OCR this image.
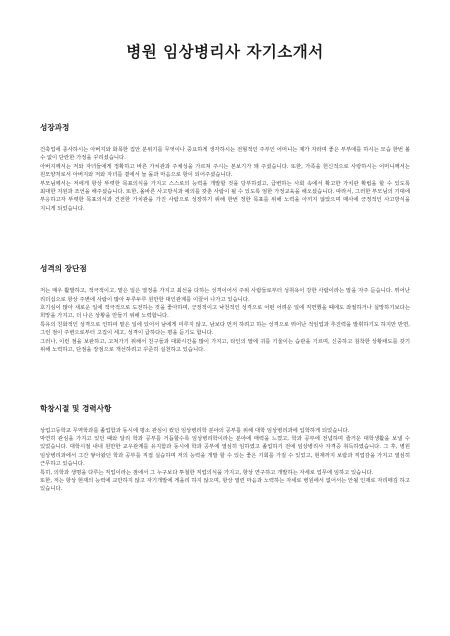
병원 임상병리사 자기소개서
성장과정

건축업에 종사하시는 아버지와 화목한 집안 분위기를 무엇이나 중요하게 생각하시는 전형적인 주부인 어머니는 제가 자라며 좋은 부부애를 하시는 모습 한번 볼 수 없이 단란한 가정을 꾸리셨습니다.

아버지께서는 저와 자녀들에게 정확하고 바른 가치관과 주체성을 가르쳐 주시는 본보기가 돼 주셨습니다. 또한, 가족을 헌신적으로 사랑하시는 어머니께서는 원모양처로서 아버지와 저와 자녀를 곁에서 늘 돌과 마음으로 항이 되어주셨습니다.

부모님께서는 저에게 항상 뚜렷한 목표의식을 가지고 스스로의 능력을 개발할 것을 당부하셨고, 급변하는 사회 속에서 확고한 가치관 확립을 할 수 있도록 최대한 지원과 조언을 해주셨습니다. 또한, 올바른 사고방식과 예의를 갖춘 사람이 될 수 있도록 엄한 가정교육을 해오셨습니다. 따라서, 그러한 부모님의 기대에 부응하고자 뚜렷한 목표의식과 건전한 가치관을 가진 사람으로 성장하기 위해 한번 정한 목표를 위해 노력을 아끼지 않았으며 매사에 긍정적인 사고방식을 지니게 되었습니다.

성격의 장단점

저는 매우 활발하고, 적극적이고, 맡은 일은 열정을 가지고 최선을 다하는 성격이어서 주위 사람들로부터 성취욕이 강한 사람이라는 말을 자주 듣습니다. 뛰어난 리더십으로 항상 주변에 사람이 많아 두루두루 원만한 대인관계를 이끌어 나가고 있습니다.

호기심이 많아 새로운 일에 적극적으로 도전하는 것을 좋아하며, 긍정적이고 낙천적인 성격으로 어떤 어려운 일에 직면했을 때에도 좌절하거나 실망하기보다는 희망을 가지고, 더 나은 상황을 만들기 위해 노력합니다.

특유의 친화적인 성격으로 인하여 맡은 일에 있어서 남에게 미루지 않고, 남보다 먼저 하려고 하는 성격으로 뛰어난 적임업과 추진력을 발휘하기도 하지만 반면, 그런 점이 주변으로부터 고집이 세고, 성격이 급하다는 평을 듣기도 합니다.

그러나, 이런 점을 보완하고, 고쳐가기 위해서 친구들과 대화시간을 많이 가지고, 타인의 말에 귀를 기울이는 습관을 기르며, 신중하고 침착한 상황태도를 갖기 위해 노력하고, 단점을 장점으로 개선하려고 꾸준히 실천하고 있습니다.

학창시절 및 경력사항

상업고등학교 무역학과를 졸업함과 동시에 평소 관심이 컸던 임상병리학 분야의 공부를 위해 대학 임상병리과에 입학하게 되었습니다.

막연히 관심을 가지고 있던 때와 달리 학과 공부를 거듭할수록 임상병리학이라는 분야에 매력을 느꼈고, 학과 공부에 전념하며 즐거운 대학생활을 보낼 수 있었습니다. 대학시절 내내 원만한 교우관계를 유지함과 동시에 학과 공부에 열심히 임하였고 졸업하기 전에 임상병리사 자격증 취득하였습니다. 그 후, 병원 임상병리과에서 그간 쌓아왔던 학과 공부를 직접 실습하며 저의 능력을 개발 할 수 있는 좋은 기회를 가질 수 있었고, 현재까지 보람과 직업감을 가지고 열심히 근무하고 있습니다.

특히, 의학과 생명을 다루는 직업이라는 점에서 그 누구보다 투철한 직업의식을 가지고, 항상 연구하고 개발하는 자세로 업무에 임하고 있습니다.

또한, 저는 항상 현재의 능력에 교만하지 않고 자기개발에 게을리 하지 않으며, 항상 열린 마음과 노력하는 자세로 병원에서 없어서는 안될 인재로 자리매김 하고 있습니다.
